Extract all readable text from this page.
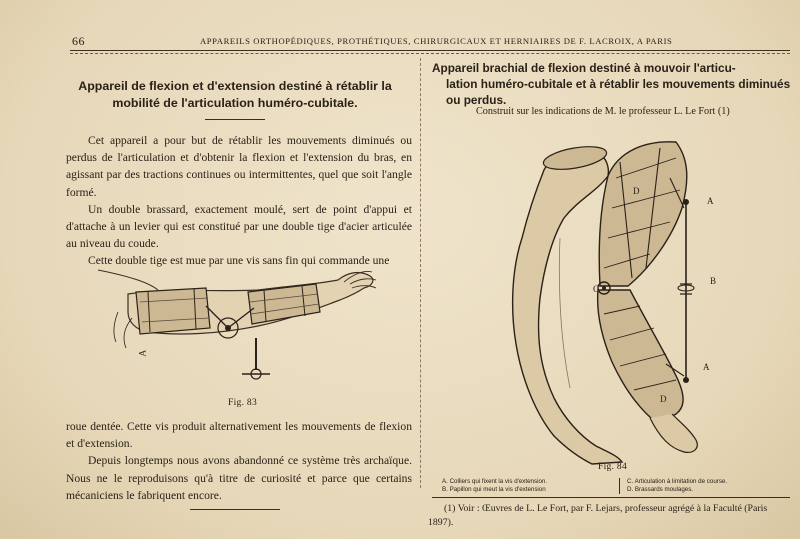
66	APPAREILS ORTHOPÉDIQUES, PROTHÉTIQUES, CHIRURGICAUX ET HERNIAIRES DE F. LACROIX, A PARIS
Appareil de flexion et d'extension destiné à rétablir la mobilité de l'articulation huméro-cubitale.

Cet appareil a pour but de rétablir les mouvements diminués ou perdus de l'articulation et d'obtenir la flexion et l'extension du bras, en agissant par des tractions continues ou intermittentes, quel que soit l'angle formé.

Un double brassard, exactement moulé, sert de point d'appui et d'attache à un levier qui est constitué par une double tige d'acier articulée au niveau du coude.

Cette double tige est mue par une vis sans fin qui commande une

A
Fig. 83

roue dentée. Cette vis produit alternativement les mouvements de flexion et d'extension.

Depuis longtemps nous avons abandonné ce système très archaïque. Nous ne le reproduisons qu'à titre de curiosité et parce que certains mécaniciens le fabriquent encore.

Appareil brachial de flexion destiné à mouvoir l'articu-
lation huméro-cubitale et à rétablir les mouvements diminués ou perdus.
Construit sur les indications de M. le professeur L. Le Fort (1)
D
A
B
C
A
D
Fig. 84
A. Colliers qui fixent la vis d'extension.
B. Papillon qui meut la vis d'extension
C. Articulation à limitation de course.
D. Brassards moulages.

(1) Voir : Œuvres de L. Le Fort, par F. Lejars, professeur agrégé à la Faculté (Paris 1897).
